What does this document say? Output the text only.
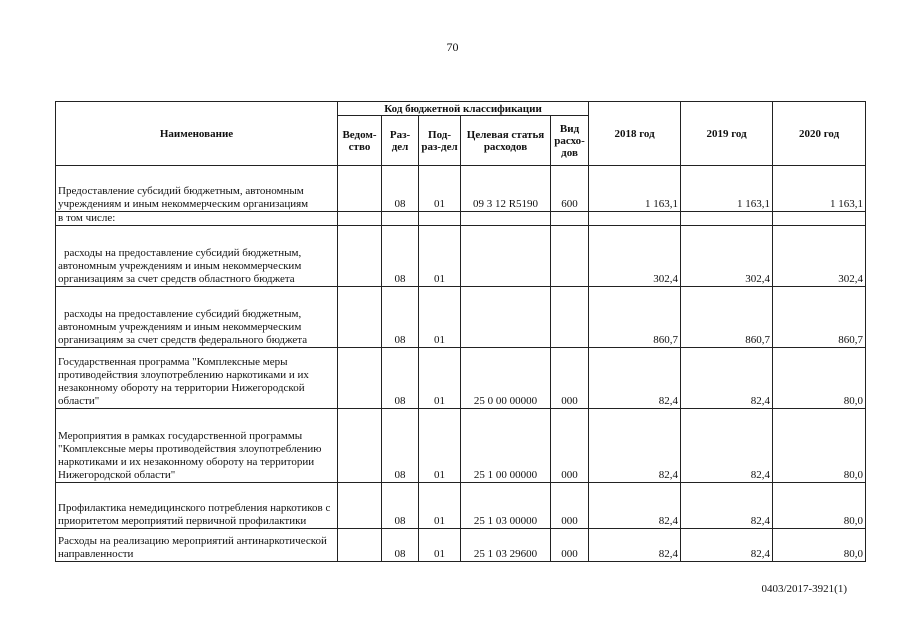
70
Наименование	Код бюджетной классификации					2018 год	2019 год	2020 год
	Ведом-ство	Раз-дел	Под-раз-дел	Целевая статья расходов	Вид расхо-дов			
Предоставление субсидий бюджетным, автономным учреждениям и иным некоммерческим организациям		08	01	09 3 12 R5190	600	1 163,1	1 163,1	1 163,1
в том числе:								
расходы на предоставление субсидий бюджетным, автономным учреждениям и иным некоммерческим организациям за счет средств областного бюджета		08	01			302,4	302,4	302,4
расходы на предоставление субсидий бюджетным, автономным учреждениям и иным некоммерческим организациям за счет средств федерального бюджета		08	01			860,7	860,7	860,7
Государственная программа "Комплексные меры противодействия злоупотреблению наркотиками и их незаконному обороту на территории Нижегородской области"		08	01	25 0 00 00000	000	82,4	82,4	80,0
Мероприятия в рамках государственной программы "Комплексные меры противодействия злоупотреблению наркотиками и их незаконному обороту на территории Нижегородской области"		08	01	25 1 00 00000	000	82,4	82,4	80,0
Профилактика немедицинского потребления наркотиков с приоритетом мероприятий первичной профилактики		08	01	25 1 03 00000	000	82,4	82,4	80,0
Расходы на реализацию мероприятий антинаркотической направленности		08	01	25 1 03 29600	000	82,4	82,4	80,0
0403/2017-3921(1)
